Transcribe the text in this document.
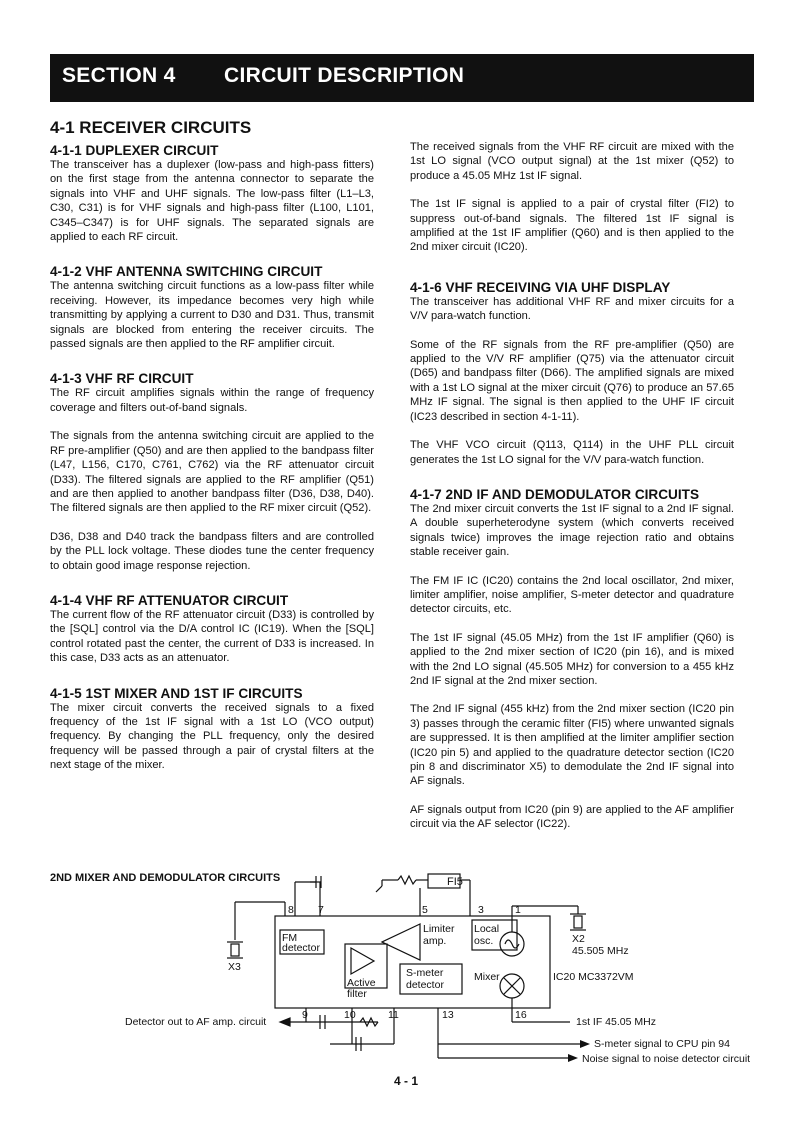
SECTION 4 CIRCUIT DESCRIPTION
4-1 RECEIVER CIRCUITS
4-1-1 DUPLEXER CIRCUIT

The transceiver has a duplexer (low-pass and high-pass fitters) on the first stage from the antenna connector to separate the signals into VHF and UHF signals. The low-pass filter (L1–L3, C30, C31) is for VHF signals and high-pass filter (L100, L101, C345–C347) is for UHF signals. The separated signals are applied to each RF circuit.

4-1-2 VHF ANTENNA SWITCHING CIRCUIT

The antenna switching circuit functions as a low-pass filter while receiving. However, its impedance becomes very high while transmitting by applying a current to D30 and D31. Thus, transmit signals are blocked from entering the receiver circuits. The passed signals are then applied to the RF amplifier circuit.

4-1-3 VHF RF CIRCUIT

The RF circuit amplifies signals within the range of frequency coverage and filters out-of-band signals.

The signals from the antenna switching circuit are applied to the RF pre-amplifier (Q50) and are then applied to the bandpass filter (L47, L156, C170, C761, C762) via the RF attenuator circuit (D33). The filtered signals are applied to the RF amplifier (Q51) and are then applied to another bandpass filter (D36, D38, D40). The filtered signals are then applied to the RF mixer circuit (Q52).

D36, D38 and D40 track the bandpass filters and are controlled by the PLL lock voltage. These diodes tune the center frequency to obtain good image response rejection.

4-1-4 VHF RF ATTENUATOR CIRCUIT

The current flow of the RF attenuator circuit (D33) is controlled by the [SQL] control via the D/A control IC (IC19). When the [SQL] control rotated past the center, the current of D33 is increased. In this case, D33 acts as an attenuator.

4-1-5 1ST MIXER AND 1ST IF CIRCUITS

The mixer circuit converts the received signals to a fixed frequency of the 1st IF signal with a 1st LO (VCO output) frequency. By changing the PLL frequency, only the desired frequency will be passed through a pair of crystal filters at the next stage of the mixer.

The received signals from the VHF RF circuit are mixed with the 1st LO signal (VCO output signal) at the 1st mixer (Q52) to produce a 45.05 MHz 1st IF signal.

The 1st IF signal is applied to a pair of crystal filter (FI2) to suppress out-of-band signals. The filtered 1st IF signal is amplified at the 1st IF amplifier (Q60) and is then applied to the 2nd mixer circuit (IC20).

4-1-6 VHF RECEIVING VIA UHF DISPLAY

The transceiver has additional VHF RF and mixer circuits for a V/V para-watch function.

Some of the RF signals from the RF pre-amplifier (Q50) are applied to the V/V RF amplifier (Q75) via the attenuator circuit (D65) and bandpass filter (D66). The amplified signals are mixed with a 1st LO signal at the mixer circuit (Q76) to produce an 57.65 MHz IF signal. The signal is then applied to the UHF IF circuit (IC23 described in section 4-1-11).

The VHF VCO circuit (Q113, Q114) in the UHF PLL circuit generates the 1st LO signal for the V/V para-watch function.

4-1-7 2ND IF AND DEMODULATOR CIRCUITS

The 2nd mixer circuit converts the 1st IF signal to a 2nd IF signal. A double superheterodyne system (which converts received signals twice) improves the image rejection ratio and obtains stable receiver gain.

The FM IF IC (IC20) contains the 2nd local oscillator, 2nd mixer, limiter amplifier, noise amplifier, S-meter detector and quadrature detector circuits, etc.

The 1st IF signal (45.05 MHz) from the 1st IF amplifier (Q60) is applied to the 2nd mixer section of IC20 (pin 16), and is mixed with the 2nd LO signal (45.505 MHz) for conversion to a 455 kHz 2nd IF signal at the 2nd mixer section.

The 2nd IF signal (455 kHz) from the 2nd mixer section (IC20 pin 3) passes through the ceramic filter (FI5) where unwanted signals are suppressed. It is then amplified at the limiter amplifier section (IC20 pin 5) and applied to the quadrature detector section (IC20 pin 8 and discriminator X5) to demodulate the 2nd IF signal into AF signals.

AF signals output from IC20 (pin 9) are applied to the AF amplifier circuit via the AF selector (IC22).

2ND MIXER AND DEMODULATOR CIRCUITS	FI5
8 7	5	3	1
FM
detector
Limiter
amp.
Local
osc.
Active
filter
S-meter
detector
Mixer
X3
X2
45.505 MHz
IC20 MC3372VM
9	10	11	13	16
Detector out to AF amp. circuit	1st IF 45.05 MHz
S-meter signal to CPU pin 94
Noise signal to noise detector circuit
4 - 1
